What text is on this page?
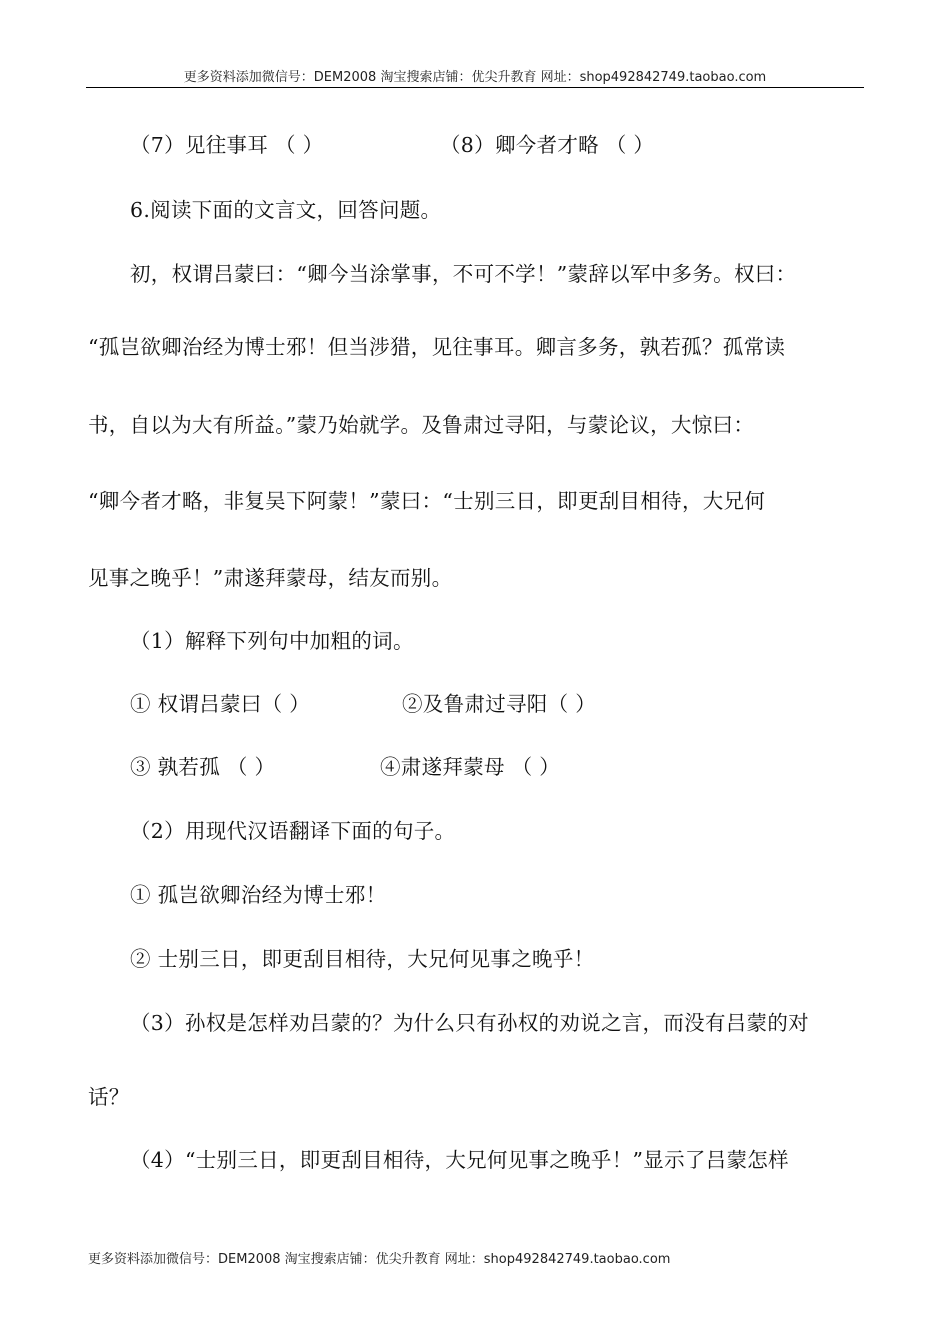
更多资料添加微信号：DEM2008 淘宝搜索店铺：优尖升教育 网址：shop492842749.taobao.com
（7）见往事耳 （ ）	（8）卿今者才略 （ ）
6.阅读下面的文言文，回答问题。
初，权谓吕蒙曰：“卿今当涂掌事，不可不学！”蒙辞以军中多务。权曰：
“孤岂欲卿治经为博士邪！但当涉猎，见往事耳。卿言多务，孰若孤？孤常读
书，自以为大有所益。”蒙乃始就学。及鲁肃过寻阳，与蒙论议，大惊曰：
“卿今者才略，非复吴下阿蒙！”蒙曰：“士别三日，即更刮目相待，大兄何
见事之晚乎！”肃遂拜蒙母，结友而别。
（1）解释下列句中加粗的词。
① 权谓吕蒙曰（ ）	②及鲁肃过寻阳（ ）
③ 孰若孤 （ ）	④肃遂拜蒙母 （ ）
（2）用现代汉语翻译下面的句子。
① 孤岂欲卿治经为博士邪！
② 士别三日，即更刮目相待，大兄何见事之晚乎！
（3）孙权是怎样劝吕蒙的？为什么只有孙权的劝说之言，而没有吕蒙的对
话？
（4）“士别三日，即更刮目相待，大兄何见事之晚乎！”显示了吕蒙怎样
更多资料添加微信号：DEM2008 淘宝搜索店铺：优尖升教育 网址：shop492842749.taobao.com
